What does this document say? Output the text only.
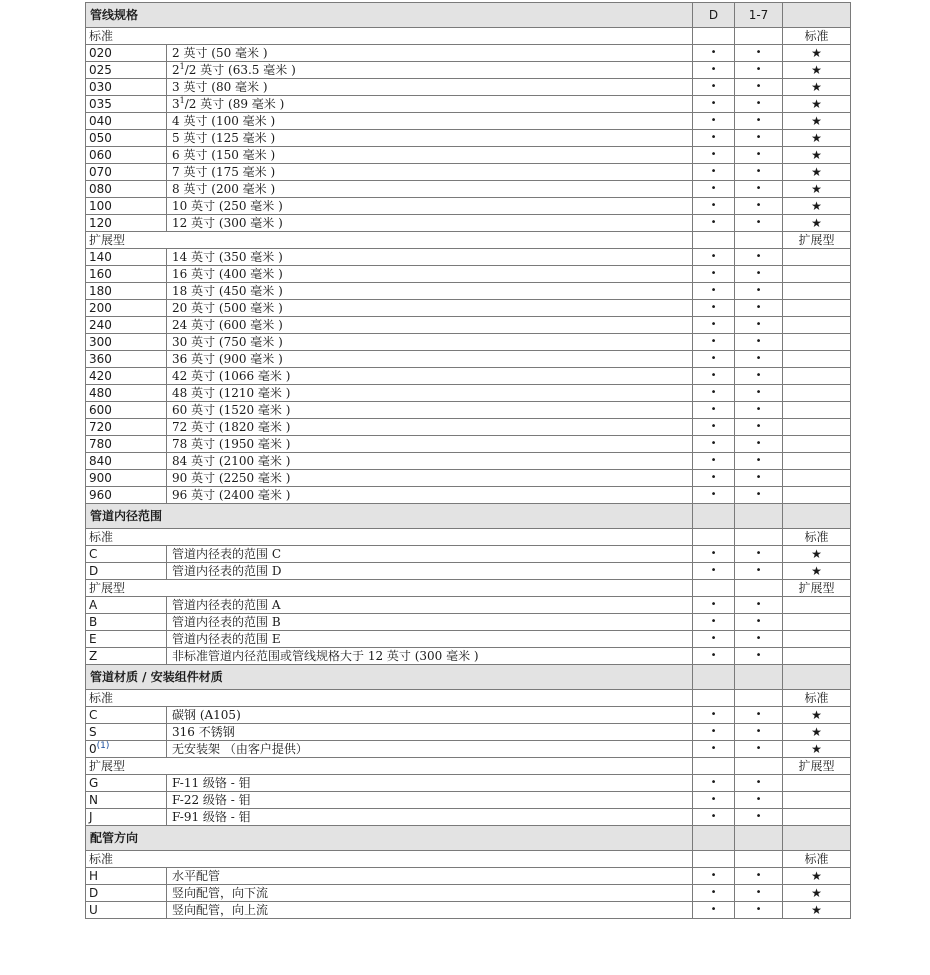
管线规格		D	1-7	
标准				标准
020	2 英寸 (50 毫米 )	•	•	★
025	$2^1/2$ 英寸 (63.5 毫米 )	•	•	★
030	3 英寸 (80 毫米 )	•	•	★
035	$3^1/2$ 英寸 (89 毫米 )	•	•	★
040	4 英寸 (100 毫米 )	•	•	★
050	5 英寸 (125 毫米 )	•	•	★
060	6 英寸 (150 毫米 )	•	•	★
070	7 英寸 (175 毫米 )	•	•	★
080	8 英寸 (200 毫米 )	•	•	★
100	10 英寸 (250 毫米 )	•	•	★
120	12 英寸 (300 毫米 )	•	•	★
扩展型				扩展型
140	14 英寸 (350 毫米 )	•	•	
160	16 英寸 (400 毫米 )	•	•	
180	18 英寸 (450 毫米 )	•	•	
200	20 英寸 (500 毫米 )	•	•	
240	24 英寸 (600 毫米 )	•	•	
300	30 英寸 (750 毫米 )	•	•	
360	36 英寸 (900 毫米 )	•	•	
420	42 英寸 (1066 毫米 )	•	•	
480	48 英寸 (1210 毫米 )	•	•	
600	60 英寸 (1520 毫米 )	•	•	
720	72 英寸 (1820 毫米 )	•	•	
780	78 英寸 (1950 毫米 )	•	•	
840	84 英寸 (2100 毫米 )	•	•	
900	90 英寸 (2250 毫米 )	•	•	
960	96 英寸 (2400 毫米 )	•	•	
管道内径范围				
标准				标准
C	管道内径表的范围 C	•	•	★
D	管道内径表的范围 D	•	•	★
扩展型				扩展型
A	管道内径表的范围 A	•	•	
B	管道内径表的范围 B	•	•	
E	管道内径表的范围 E	•	•	
Z	非标准管道内径范围或管线规格大于 12 英寸 (300 毫米 )	•	•	
管道材质 / 安装组件材质				
标准				标准
C	碳钢 (A105)	•	•	★
S	316 不锈钢	•	•	★
0$^{(1)}$	无安装架 （由客户提供）	•	•	★
扩展型				扩展型
G	F-11 级铬 - 钼	•	•	
N	F-22 级铬 - 钼	•	•	
J	F-91 级铬 - 钼	•	•	
配管方向				
标准				标准
H	水平配管	•	•	★
D	竖向配管，向下流	•	•	★
U	竖向配管，向上流	•	•	★
